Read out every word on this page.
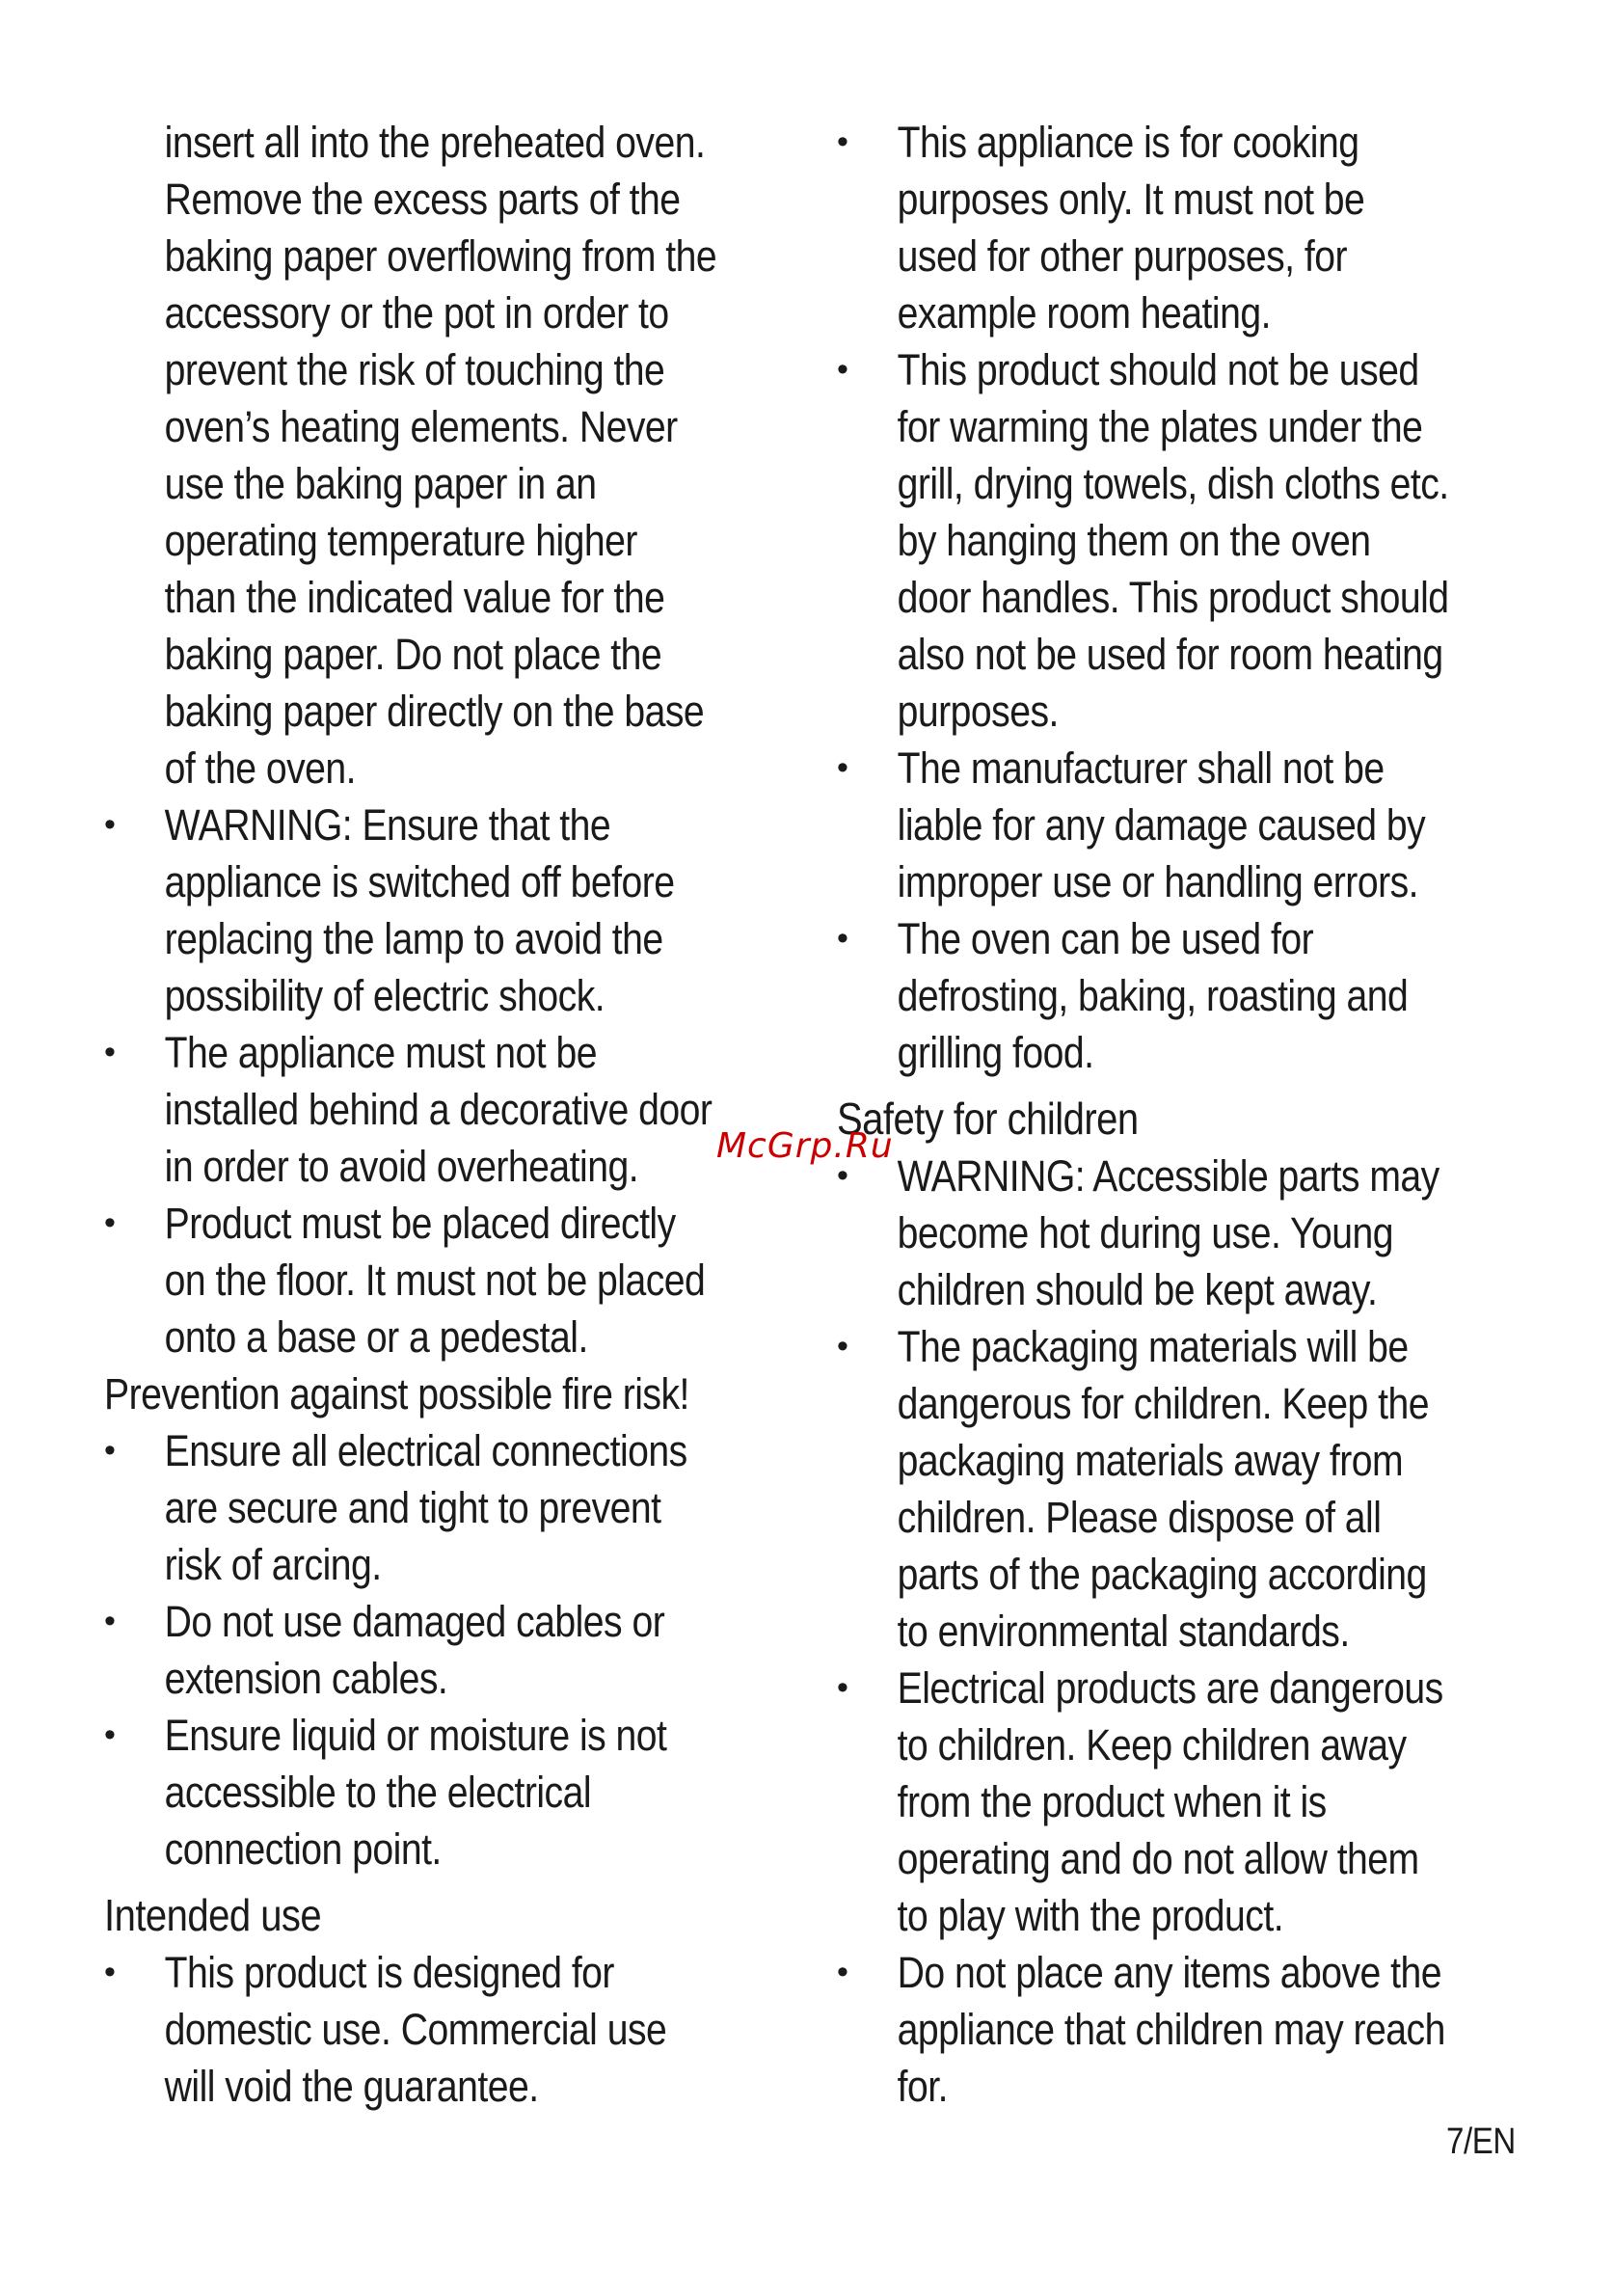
insert all into the preheated oven.
Remove the excess parts of the
baking paper overflowing from the
accessory or the pot in order to
prevent the risk of touching the
oven’s heating elements. Never
use the baking paper in an
operating temperature higher
than the indicated value for the
baking paper. Do not place the
baking paper directly on the base
of the oven.
•	WARNING: Ensure that the
appliance is switched off before
replacing the lamp to avoid the
possibility of electric shock.
•	The appliance must not be
installed behind a decorative door
in order to avoid overheating.
•	Product must be placed directly
on the floor. It must not be placed
onto a base or a pedestal.
Prevention against possible fire risk!
•	Ensure all electrical connections
are secure and tight to prevent
risk of arcing.
•	Do not use damaged cables or
extension cables.
•	Ensure liquid or moisture is not
accessible to the electrical
connection point.
Intended use
•	This product is designed for
domestic use. Commercial use
will void the guarantee.
•	This appliance is for cooking
purposes only. It must not be
used for other purposes, for
example room heating.
•	This product should not be used
for warming the plates under the
grill, drying towels, dish cloths etc.
by hanging them on the oven
door handles. This product should
also not be used for room heating
purposes.
•	The manufacturer shall not be
liable for any damage caused by
improper use or handling errors.
•	The oven can be used for
defrosting, baking, roasting and
grilling food.
Safety for children
•	WARNING: Accessible parts may
become hot during use. Young
children should be kept away.
•	The packaging materials will be
dangerous for children. Keep the
packaging materials away from
children. Please dispose of all
parts of the packaging according
to environmental standards.
•	Electrical products are dangerous
to children. Keep children away
from the product when it is
operating and do not allow them
to play with the product.
•	Do not place any items above the
appliance that children may reach
for.
McGrp.Ru
7/EN
